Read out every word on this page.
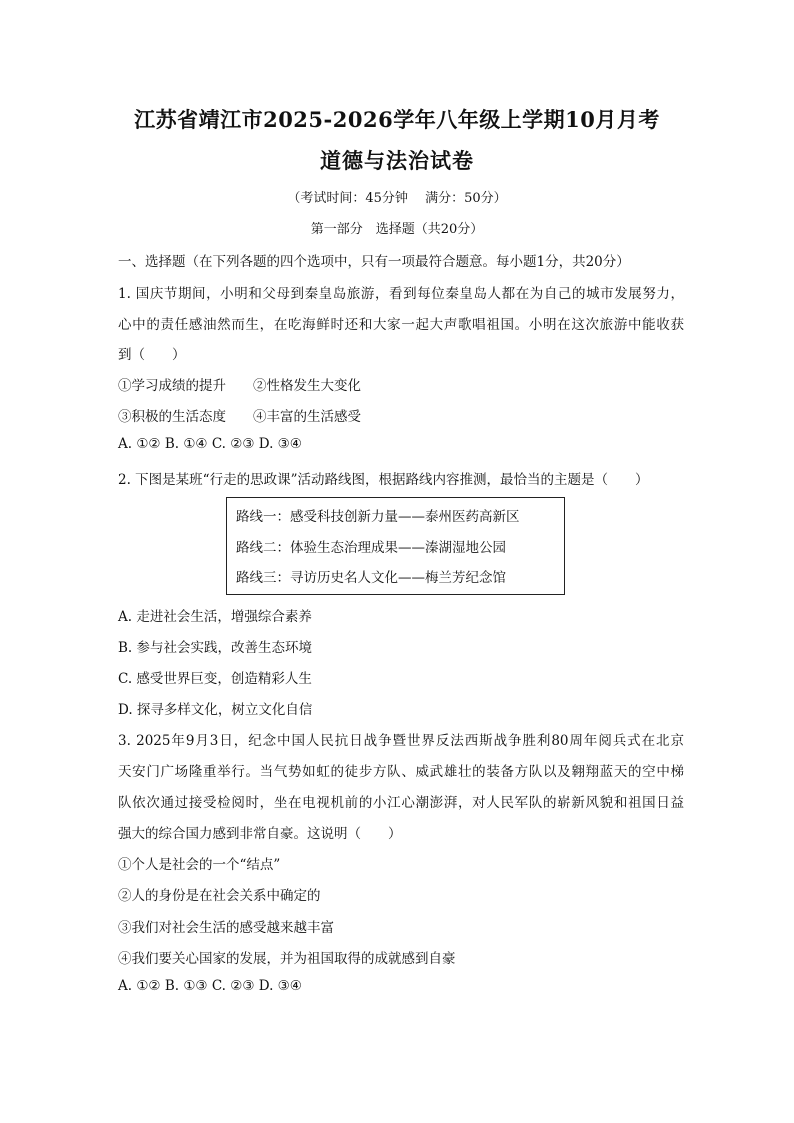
江苏省靖江市2025-2026学年八年级上学期10月月考
道德与法治试卷
（考试时间：45分钟　 满分：50分）
第一部分　选择题（共20分）
一、选择题（在下列各题的四个选项中，只有一项最符合题意。每小题1分，共20分）
1. 国庆节期间，小明和父母到秦皇岛旅游，看到每位秦皇岛人都在为自己的城市发展努力，
心中的责任感油然而生，在吃海鲜时还和大家一起大声歌唱祖国。小明在这次旅游中能收获
到（　　）
①学习成绩的提升　　②性格发生大变化
③积极的生活态度　　④丰富的生活感受
A. ①② B. ①④ C. ②③ D. ③④
2. 下图是某班“行走的思政课”活动路线图，根据路线内容推测，最恰当的主题是（　　）
路线一：感受科技创新力量——泰州医药高新区
路线二：体验生态治理成果——溱湖湿地公园
路线三：寻访历史名人文化——梅兰芳纪念馆
A. 走进社会生活，增强综合素养
B. 参与社会实践，改善生态环境
C. 感受世界巨变，创造精彩人生
D. 探寻多样文化，树立文化自信
3. 2025年9月3日，纪念中国人民抗日战争暨世界反法西斯战争胜利80周年阅兵式在北京
天安门广场隆重举行。当气势如虹的徒步方队、威武雄壮的装备方队以及翱翔蓝天的空中梯
队依次通过接受检阅时，坐在电视机前的小江心潮澎湃，对人民军队的崭新风貌和祖国日益
强大的综合国力感到非常自豪。这说明（　　）
①个人是社会的一个“结点”
②人的身份是在社会关系中确定的
③我们对社会生活的感受越来越丰富
④我们要关心国家的发展，并为祖国取得的成就感到自豪
A. ①② B. ①③ C. ②③ D. ③④
